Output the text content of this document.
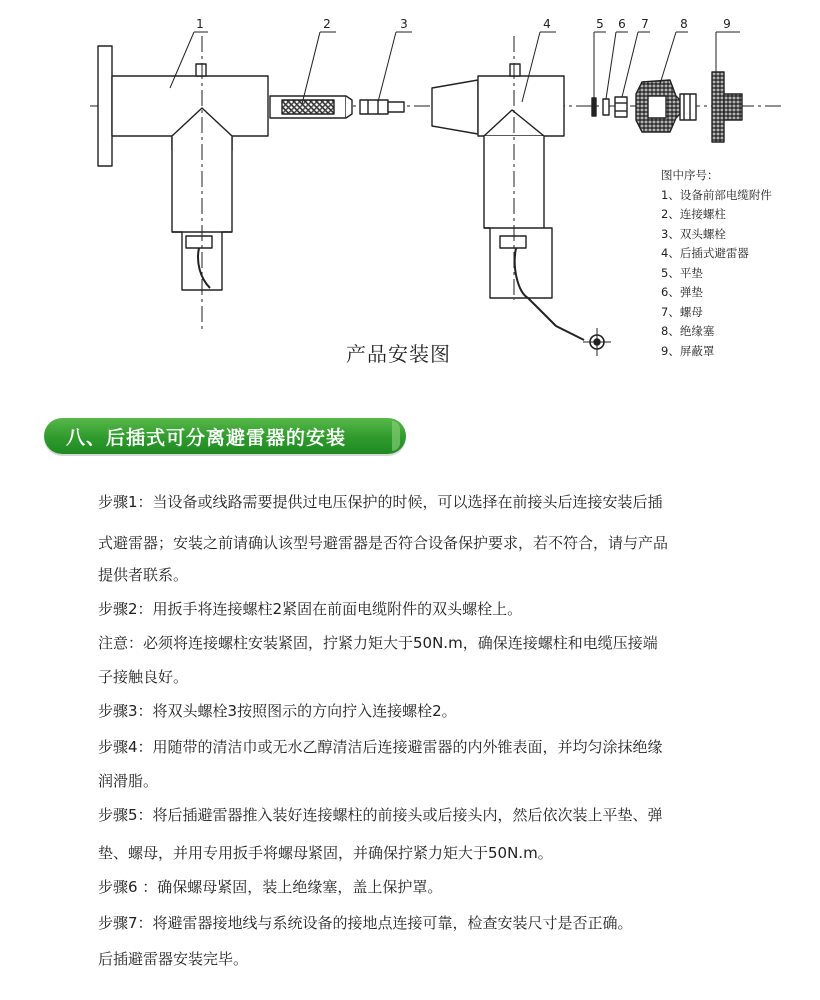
1	2	3	4	5 6 7	8	9
图中序号：
1、设备前部电缆附件
2、连接螺柱
3、双头螺栓
4、后插式避雷器
5、平垫
6、弹垫
7、螺母
8、绝缘塞
9、屏蔽罩
产品安装图
八、后插式可分离避雷器的安装
步骤1：当设备或线路需要提供过电压保护的时候，可以选择在前接头后连接安装后插
式避雷器；安装之前请确认该型号避雷器是否符合设备保护要求，若不符合，请与产品
提供者联系。
步骤2：用扳手将连接螺柱2紧固在前面电缆附件的双头螺栓上。
注意：必须将连接螺柱安装紧固，拧紧力矩大于50N.m，确保连接螺柱和电缆压接端
子接触良好。
步骤3：将双头螺栓3按照图示的方向拧入连接螺栓2。
步骤4：用随带的清洁巾或无水乙醇清洁后连接避雷器的内外锥表面，并均匀涂抹绝缘
润滑脂。
步骤5：将后插避雷器推入装好连接螺柱的前接头或后接头内，然后依次装上平垫、弹
垫、螺母，并用专用扳手将螺母紧固，并确保拧紧力矩大于50N.m。
步骤6 ：确保螺母紧固，装上绝缘塞，盖上保护罩。
步骤7：将避雷器接地线与系统设备的接地点连接可靠，检查安装尺寸是否正确。
后插避雷器安装完毕。
